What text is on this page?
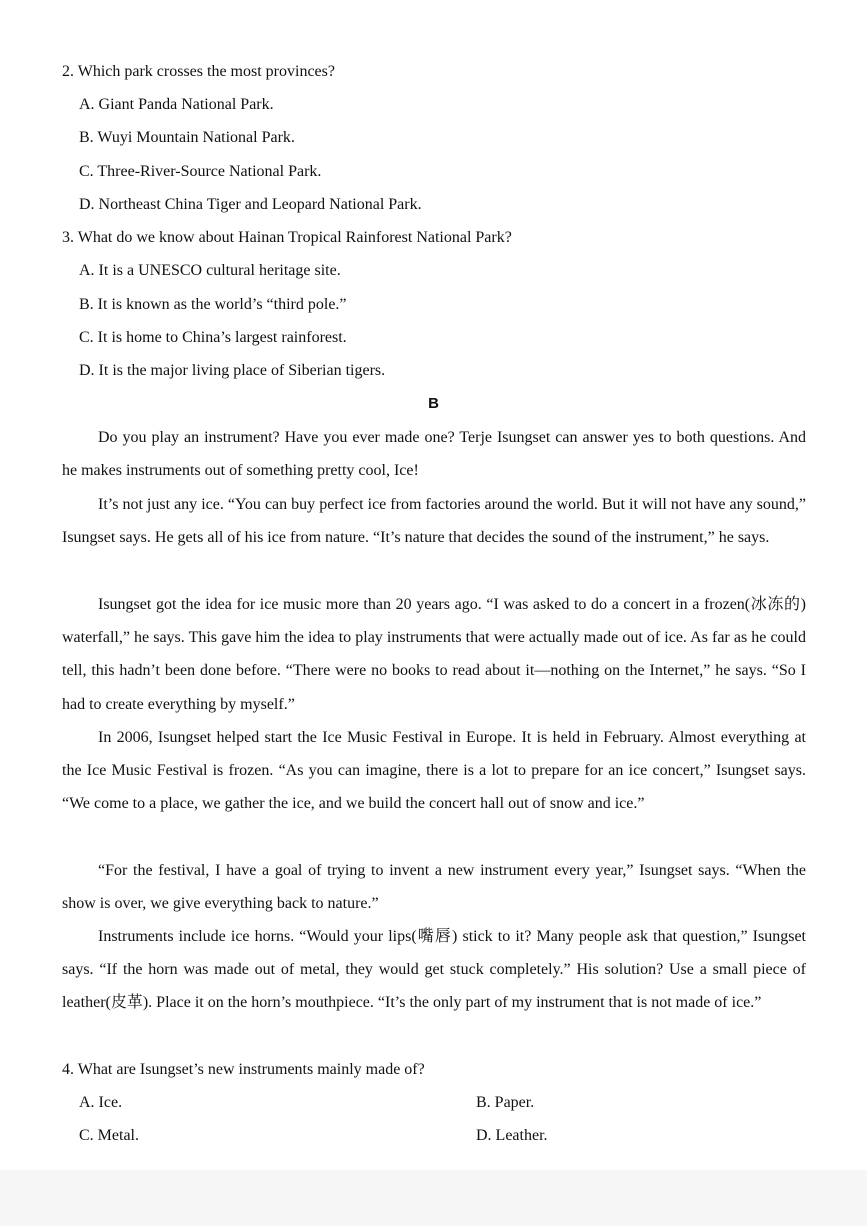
2. Which park crosses the most provinces?
A. Giant Panda National Park.
B. Wuyi Mountain National Park.
C. Three-River-Source National Park.
D. Northeast China Tiger and Leopard National Park.
3. What do we know about Hainan Tropical Rainforest National Park?
A. It is a UNESCO cultural heritage site.
B. It is known as the world’s “third pole.”
C. It is home to China’s largest rainforest.
D. It is the major living place of Siberian tigers.
B
Do you play an instrument? Have you ever made one? Terje Isungset can answer yes to both questions. And he makes instruments out of something pretty cool, Ice!
It’s not just any ice. “You can buy perfect ice from factories around the world. But it will not have any sound,” Isungset says. He gets all of his ice from nature. “It’s nature that decides the sound of the instrument,” he says.
Isungset got the idea for ice music more than 20 years ago. “I was asked to do a concert in a frozen(冰冻的) waterfall,” he says. This gave him the idea to play instruments that were actually made out of ice. As far as he could tell, this hadn’t been done before. “There were no books to read about it—nothing on the Internet,” he says. “So I had to create everything by myself.”
In 2006, Isungset helped start the Ice Music Festival in Europe. It is held in February. Almost everything at the Ice Music Festival is frozen. “As you can imagine, there is a lot to prepare for an ice concert,” Isungset says. “We come to a place, we gather the ice, and we build the concert hall out of snow and ice.”
“For the festival, I have a goal of trying to invent a new instrument every year,” Isungset says. “When the show is over, we give everything back to nature.”
Instruments include ice horns. “Would your lips(嘴唇) stick to it? Many people ask that question,” Isungset says. “If the horn was made out of metal, they would get stuck completely.” His solution? Use a small piece of leather(皮革). Place it on the horn’s mouthpiece. “It’s the only part of my instrument that is not made of ice.”
4. What are Isungset’s new instruments mainly made of?
A. Ice.	B. Paper.
C. Metal.	D. Leather.
